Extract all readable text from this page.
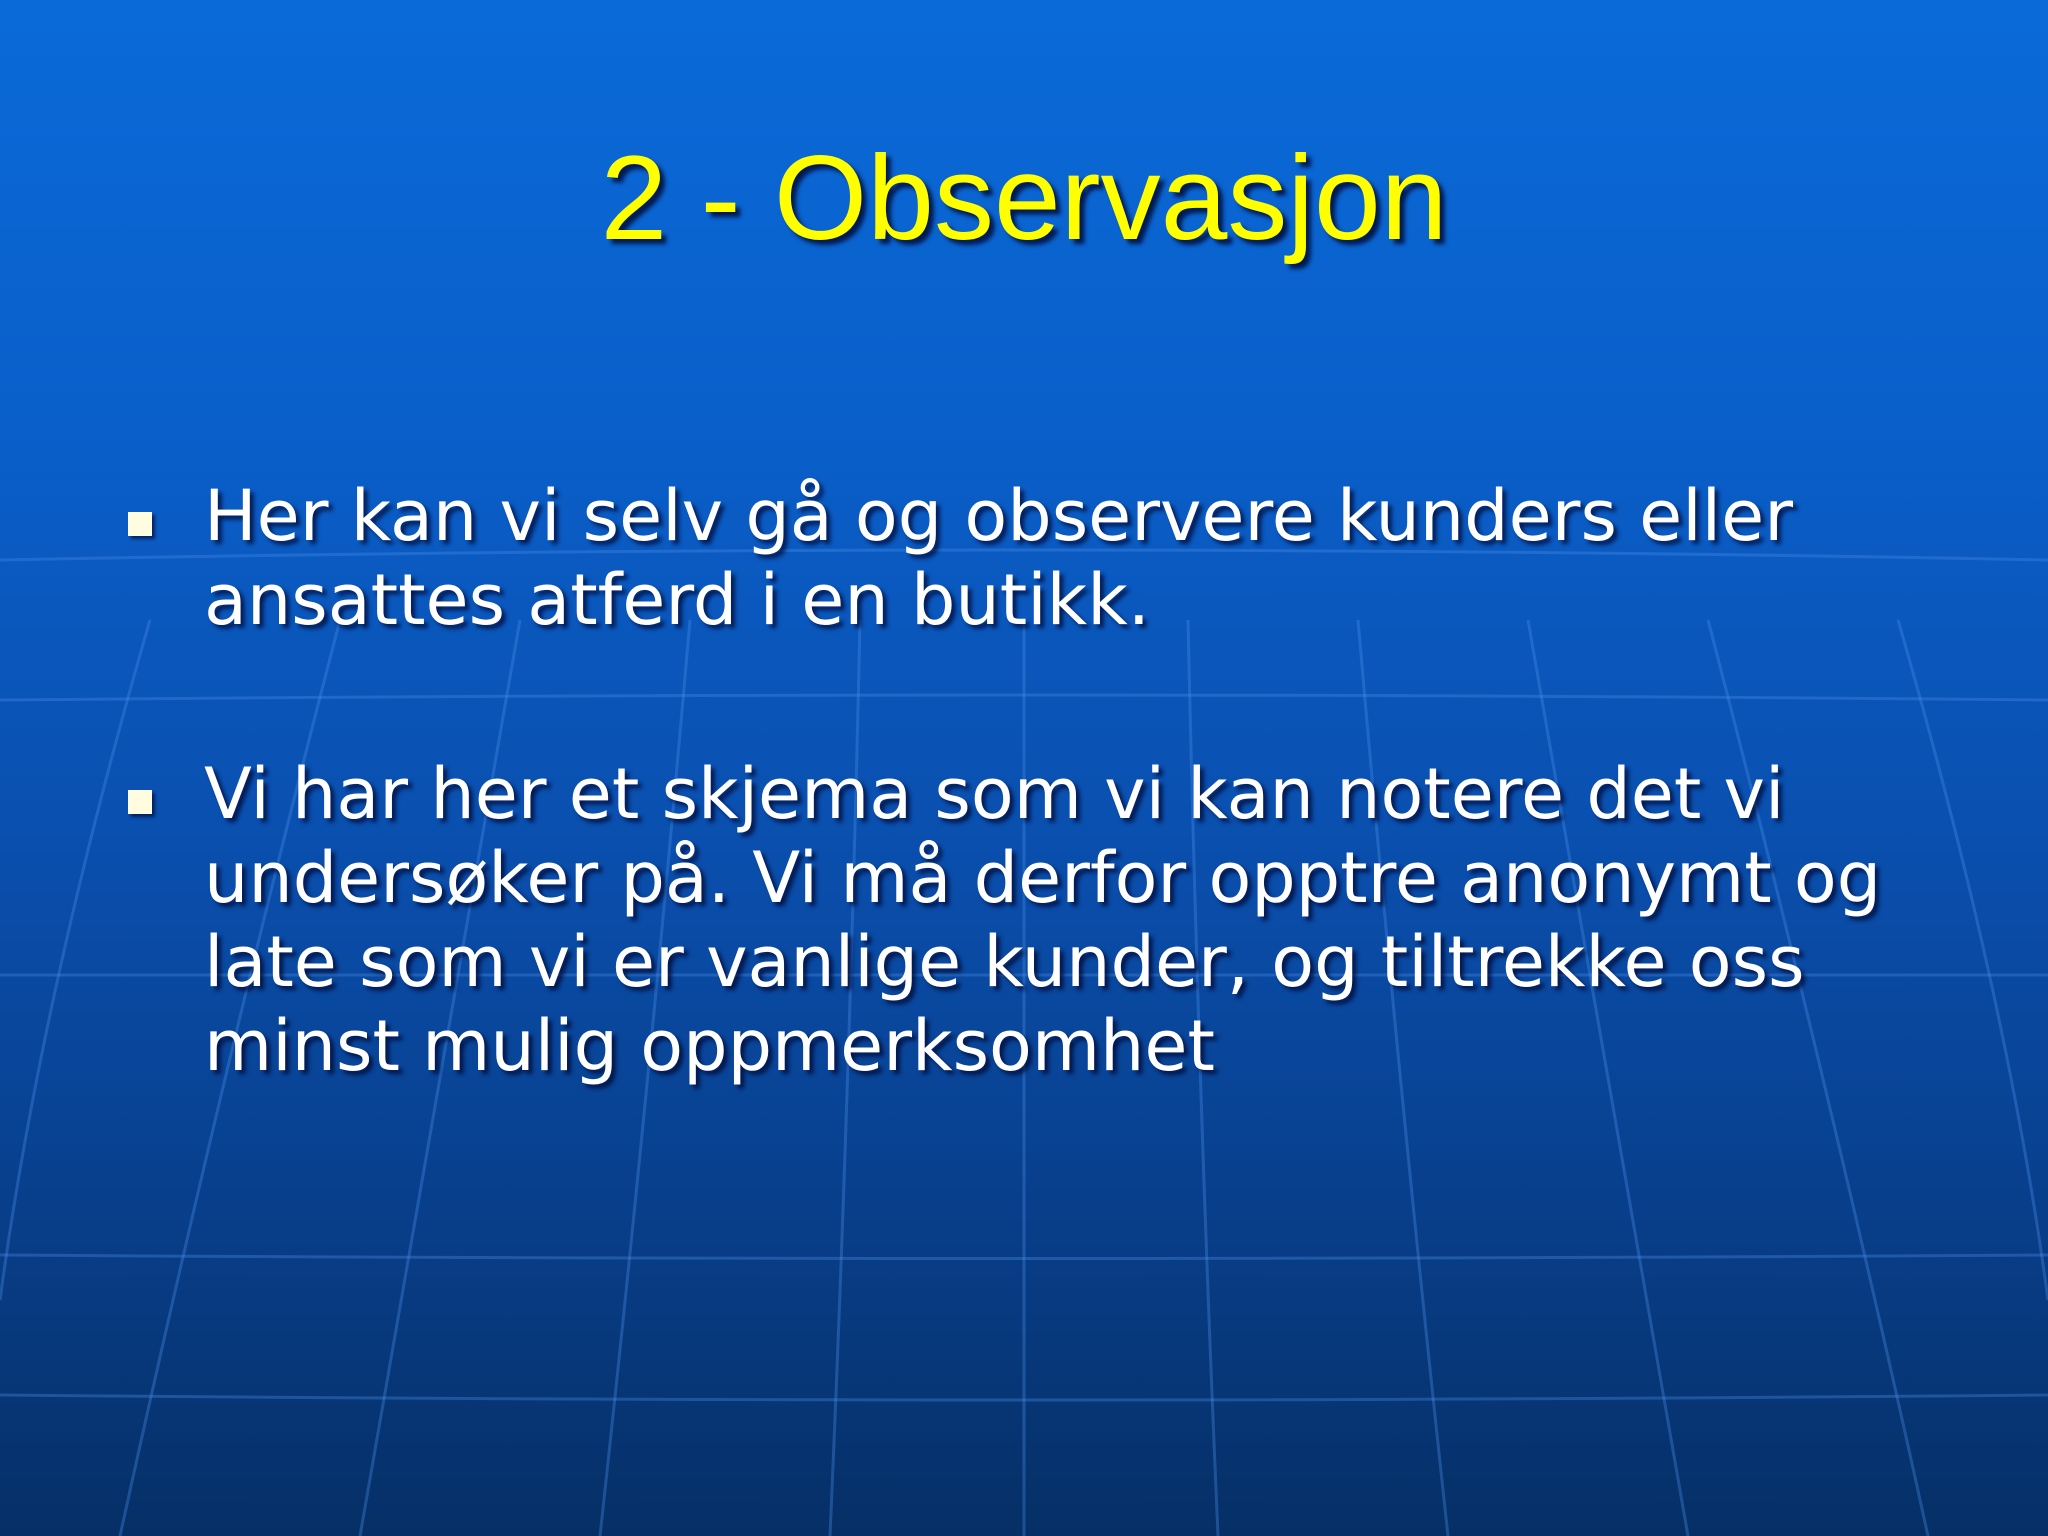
2 - Observasjon
Her kan vi selv gå og observere kunders eller
ansattes atferd i en butikk.
Vi har her et skjema som vi kan notere det vi
undersøker på. Vi må derfor opptre anonymt og
late som vi er vanlige kunder, og tiltrekke oss
minst mulig oppmerksomhet
